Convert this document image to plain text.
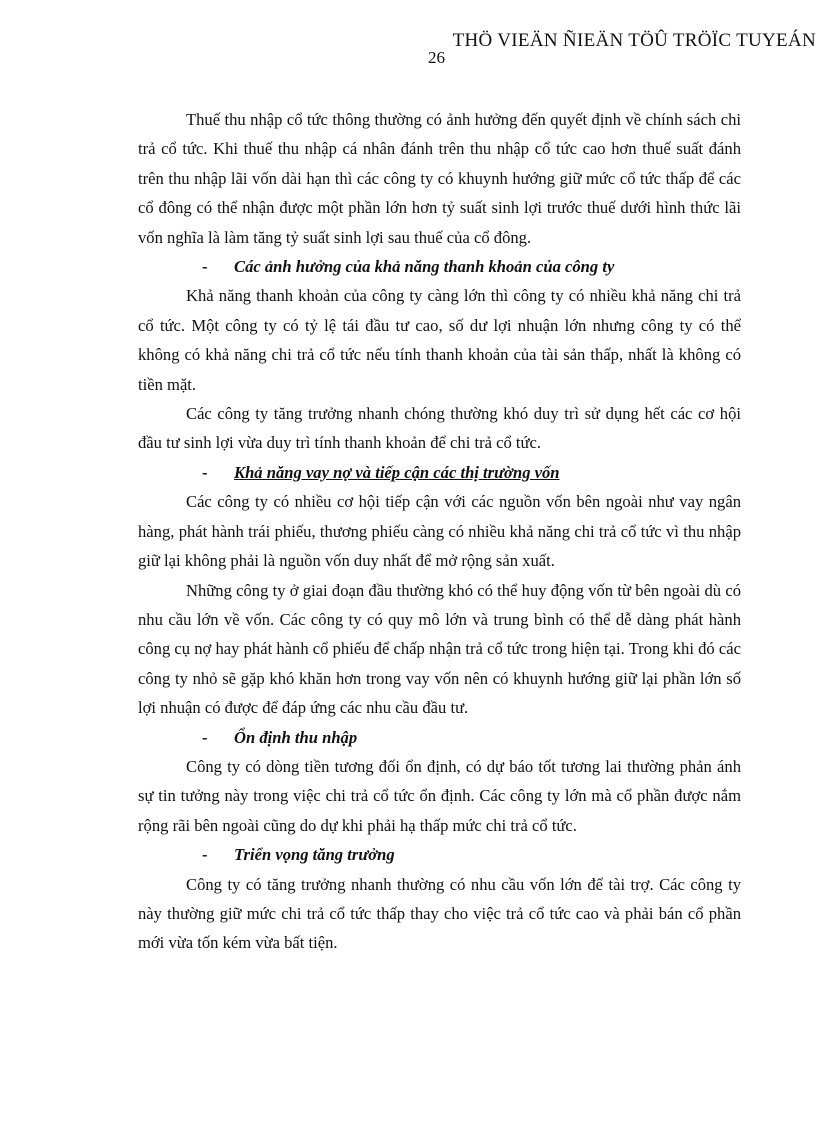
THÖ VIEÄN ÑIEÄN TÖÛ TRÖÏC TUYEÁN
26

Thuế thu nhập cổ tức thông thường có ảnh hưởng đến quyết định về chính sách chi trả cổ tức. Khi thuế thu nhập cá nhân đánh trên thu nhập cổ tức cao hơn thuế suất đánh trên thu nhập lãi vốn dài hạn thì các công ty có khuynh hướng giữ mức cổ tức thấp để các cổ đông có thể nhận được một phần lớn hơn tỷ suất sinh lợi trước thuế dưới hình thức lãi vốn nghĩa là làm tăng tỷ suất sinh lợi sau thuế của cổ đông.

-	Các ảnh hưởng của khả năng thanh khoản của công ty

Khả năng thanh khoản của công ty càng lớn thì công ty có nhiều khả năng chi trả cổ tức. Một công ty có tỷ lệ tái đầu tư cao, số dư lợi nhuận lớn nhưng công ty có thể không có khả năng chi trả cổ tức nếu tính thanh khoản của tài sản thấp, nhất là không có tiền mặt.

Các công ty tăng trưởng nhanh chóng thường khó duy trì sử dụng hết các cơ hội đầu tư sinh lợi vừa duy trì tính thanh khoản để chi trả cổ tức.

-	Khả năng vay nợ và tiếp cận các thị trường vốn

Các công ty có nhiều cơ hội tiếp cận với các nguồn vốn bên ngoài như vay ngân hàng, phát hành trái phiếu, thương phiếu càng có nhiều khả năng chi trả cổ tức vì thu nhập giữ lại không phải là nguồn vốn duy nhất để mở rộng sản xuất.

Những công ty ở giai đoạn đầu thường khó có thể huy động vốn từ bên ngoài dù có nhu cầu lớn về vốn. Các công ty có quy mô lớn và trung bình có thể dễ dàng phát hành công cụ nợ hay phát hành cổ phiếu để chấp nhận trả cổ tức trong hiện tại. Trong khi đó các công ty nhỏ sẽ gặp khó khăn hơn trong vay vốn nên có khuynh hướng giữ lại phần lớn số lợi nhuận có được để đáp ứng các nhu cầu đầu tư.

-	Ổn định thu nhập

Công ty có dòng tiền tương đối ổn định, có dự báo tốt tương lai thường phản ánh sự tin tưởng này trong việc chi trả cổ tức ổn định. Các công ty lớn mà cổ phần được nắm rộng rãi bên ngoài cũng do dự khi phải hạ thấp mức chi trả cổ tức.

-	Triển vọng tăng trưởng

Công ty có tăng trưởng nhanh thường có nhu cầu vốn lớn để tài trợ. Các công ty này thường giữ mức chi trả cổ tức thấp thay cho việc trả cổ tức cao và phải bán cổ phần mới vừa tốn kém vừa bất tiện.
